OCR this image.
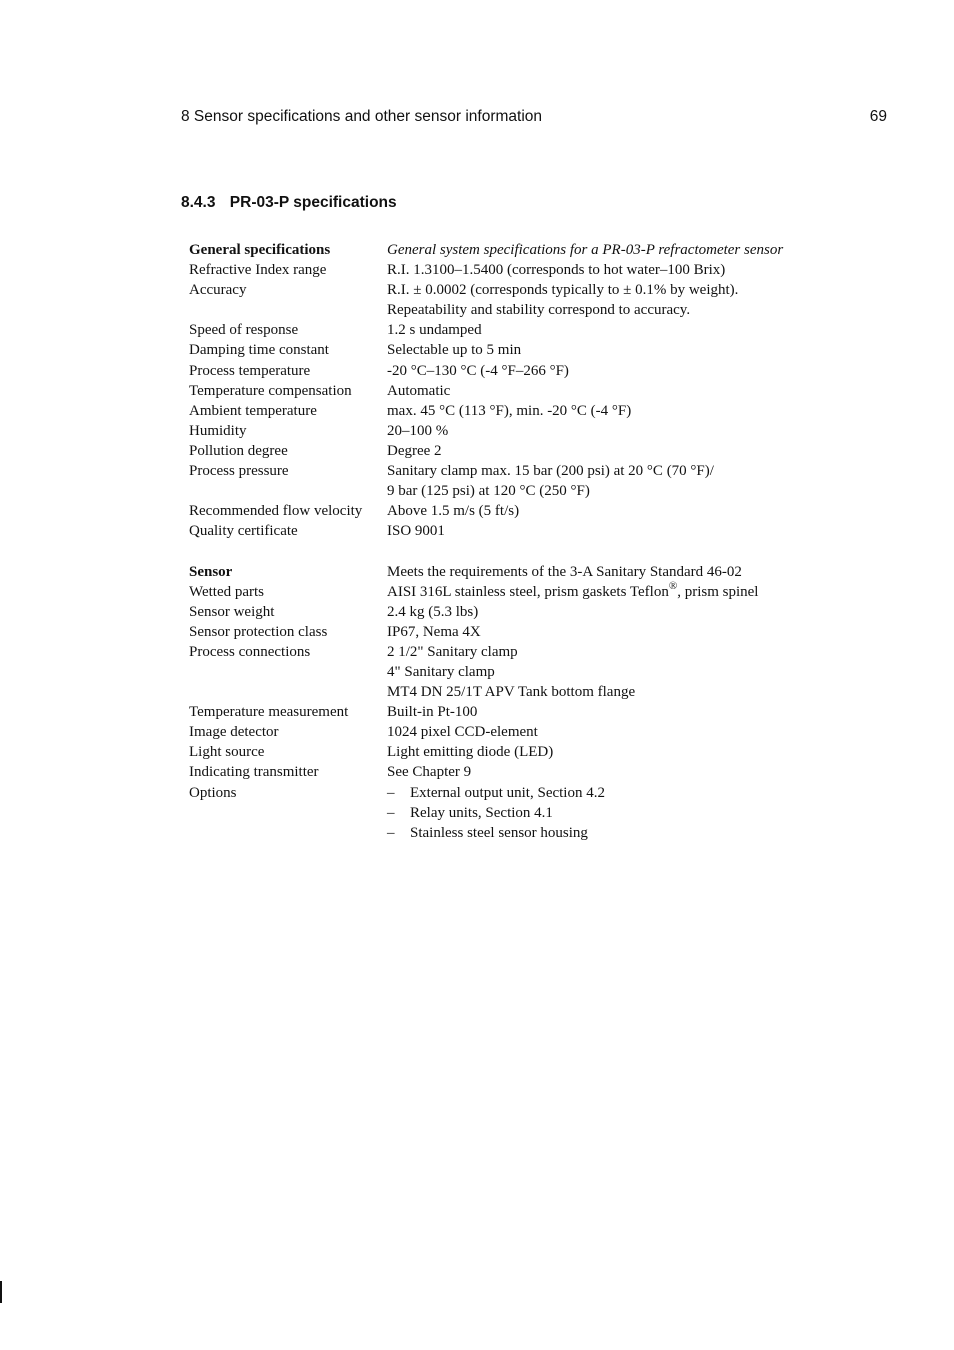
8 Sensor specifications and other sensor information	69
8.4.3 PR-03-P specifications
General specifications	General system specifications for a PR-03-P refractometer sensor
Refractive Index range	R.I. 1.3100–1.5400 (corresponds to hot water–100 Brix)
Accuracy	R.I. ± 0.0002 (corresponds typically to ± 0.1% by weight).
Repeatability and stability correspond to accuracy.
Speed of response	1.2 s undamped
Damping time constant	Selectable up to 5 min
Process temperature	-20 °C–130 °C (-4 °F–266 °F)
Temperature compensation	Automatic
Ambient temperature	max. 45 °C (113 °F), min. -20 °C (-4 °F)
Humidity	20–100 %
Pollution degree	Degree 2
Process pressure	Sanitary clamp max. 15 bar (200 psi) at 20 °C (70 °F)/
9 bar (125 psi) at 120 °C (250 °F)
Recommended flow velocity	Above 1.5 m/s (5 ft/s)
Quality certificate	ISO 9001
Sensor	Meets the requirements of the 3-A Sanitary Standard 46-02
Wetted parts	AISI 316L stainless steel, prism gaskets Teflon®, prism spinel
Sensor weight	2.4 kg (5.3 lbs)
Sensor protection class	IP67, Nema 4X
Process connections	2 1/2" Sanitary clamp
4" Sanitary clamp
MT4 DN 25/1T APV Tank bottom flange
Temperature measurement	Built-in Pt-100
Image detector	1024 pixel CCD-element
Light source	Light emitting diode (LED)
Indicating transmitter	See Chapter 9
Options	– External output unit, Section 4.2
– Relay units, Section 4.1
– Stainless steel sensor housing
